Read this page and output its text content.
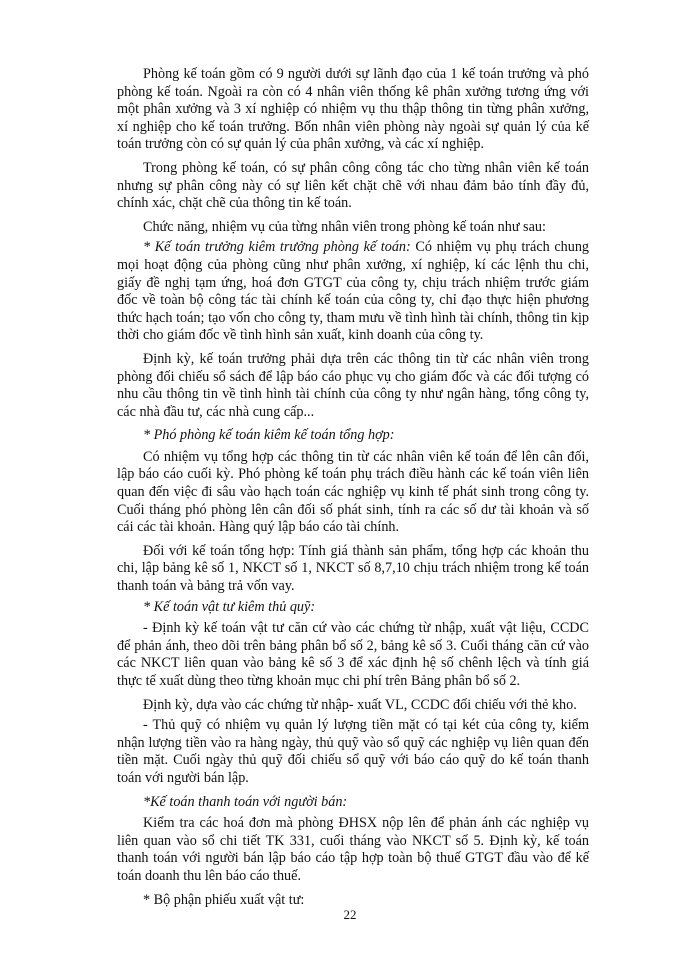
Phòng kế toán gồm có 9 người dưới sự lãnh đạo của 1 kế toán trưởng và phó phòng kế toán. Ngoài ra còn có 4 nhân viên thống kê phân xưởng tương ứng với một phân xưởng và 3 xí nghiệp có nhiệm vụ thu thập thông tin từng phân xưởng, xí nghiệp cho kế toán trưởng. Bốn nhân viên phòng này ngoài sự quản lý của kế toán trưởng còn có sự quản lý của phân xưởng, và các xí nghiệp.

Trong phòng kế toán, có sự phân công công tác cho từng nhân viên kế toán nhưng sự phân công này có sự liên kết chặt chẽ với nhau đảm bảo tính đầy đủ, chính xác, chặt chẽ của thông tin kế toán.

Chức năng, nhiệm vụ của từng nhân viên trong phòng kế toán như sau:

* Kế toán trưởng kiêm trưởng phòng kế toán: Có nhiệm vụ phụ trách chung mọi hoạt động của phòng cũng như phân xưởng, xí nghiệp, kí các lệnh thu chi, giấy đề nghị tạm ứng, hoá đơn GTGT của công ty, chịu trách nhiệm trước giám đốc về toàn bộ công tác tài chính kế toán của công ty, chỉ đạo thực hiện phương thức hạch toán; tạo vốn cho công ty, tham mưu về tình hình tài chính, thông tin kịp thời cho giám đốc về tình hình sản xuất, kinh doanh của công ty.

Định kỳ, kế toán trưởng phải dựa trên các thông tin từ các nhân viên trong phòng đối chiếu sổ sách để lập báo cáo phục vụ cho giám đốc và các đối tượng có nhu cầu thông tin về tình hình tài chính của công ty như ngân hàng, tổng công ty, các nhà đầu tư, các nhà cung cấp...

* Phó phòng kế toán kiêm kế toán tổng hợp:

Có nhiệm vụ tổng hợp các thông tin từ các nhân viên kế toán để lên cân đối, lập báo cáo cuối kỳ. Phó phòng kế toán phụ trách điều hành các kế toán viên liên quan đến việc đi sâu vào hạch toán các nghiệp vụ kinh tế phát sinh trong công ty. Cuối tháng phó phòng lên cân đối số phát sinh, tính ra các số dư tài khoản và số cái các tài khoản. Hàng quý lập báo cáo tài chính.

Đối với kế toán tổng hợp: Tính giá thành sản phẩm, tổng hợp các khoản thu chi, lập bảng kê số 1, NKCT số 1, NKCT số 8,7,10 chịu trách nhiệm trong kế toán thanh toán và bảng trả vốn vay.

* Kế toán vật tư kiêm thủ quỹ:

- Định kỳ kế toán vật tư căn cứ vào các chứng từ nhập, xuất vật liệu, CCDC để phản ánh, theo dõi trên bảng phân bổ số 2, bảng kê số 3. Cuối tháng căn cứ vào các NKCT liên quan vào bảng kê số 3 để xác định hệ số chênh lệch và tính giá thực tế xuất dùng theo từng khoản mục chi phí trên Bảng phân bổ số 2.

Định kỳ, dựa vào các chứng từ nhập- xuất VL, CCDC đối chiếu với thẻ kho.

- Thủ quỹ có nhiệm vụ quản lý lượng tiền mặt có tại két của công ty, kiểm nhận lượng tiền vào ra hàng ngày, thủ quỹ vào sổ quỹ các nghiệp vụ liên quan đến tiền mặt. Cuối ngày thủ quỹ đối chiếu sổ quỹ với báo cáo quỹ do kế toán thanh toán với người bán lập.

*Kế toán thanh toán với người bán:

Kiểm tra các hoá đơn mà phòng ĐHSX nộp lên để phản ánh các nghiệp vụ liên quan vào sổ chi tiết TK 331, cuối tháng vào NKCT số 5. Định kỳ, kế toán thanh toán với người bán lập báo cáo tập hợp toàn bộ thuế GTGT đầu vào để kế toán doanh thu lên báo cáo thuế.

* Bộ phận phiếu xuất vật tư:

22
